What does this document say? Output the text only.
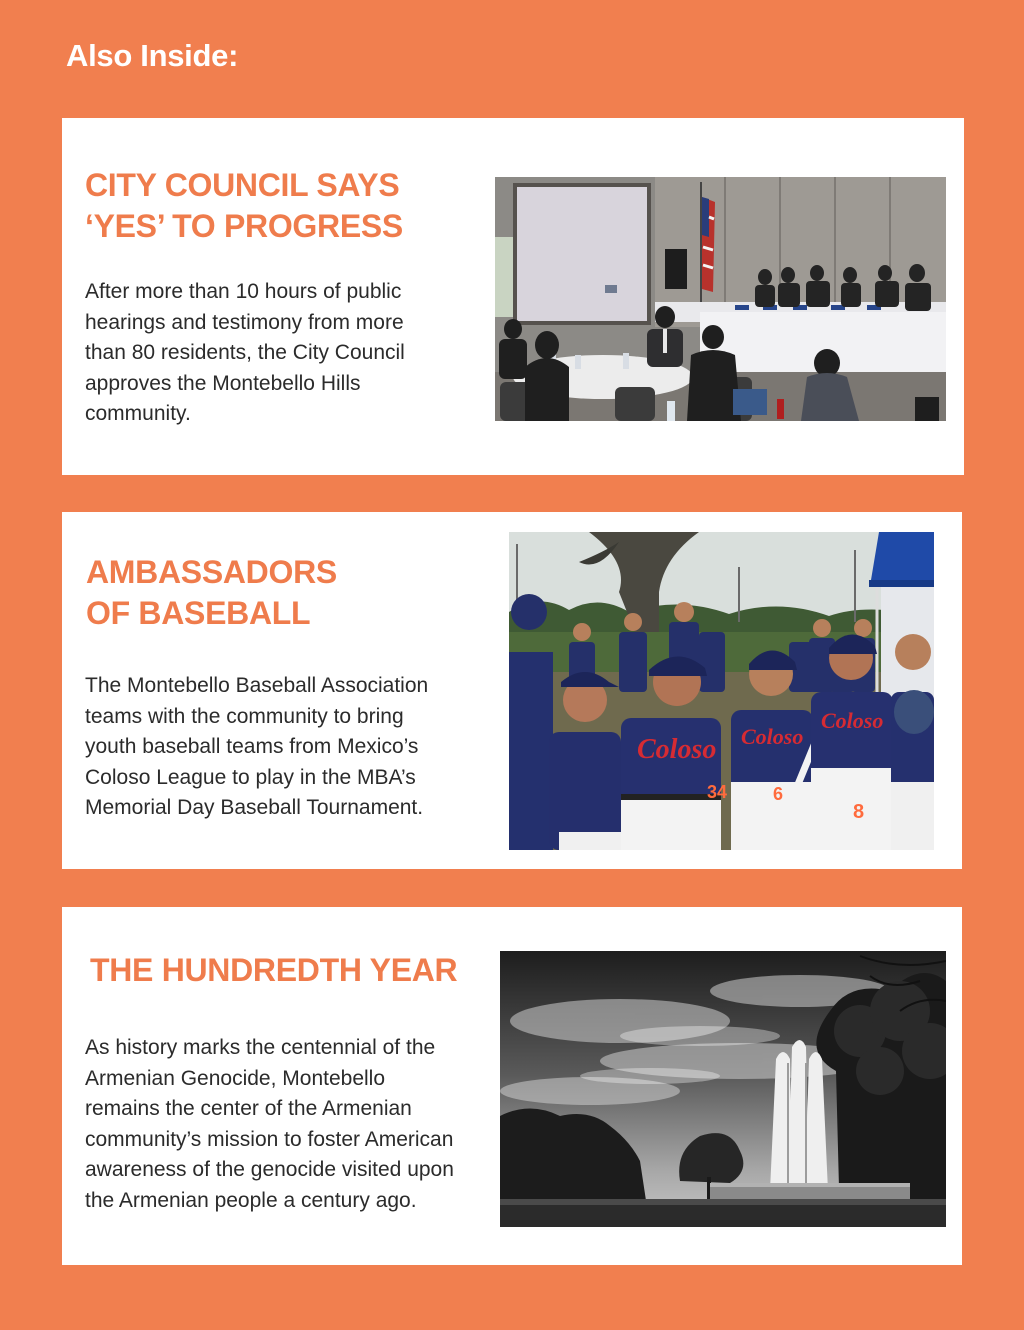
Also Inside:
CITY COUNCIL SAYS
‘YES’ TO PROGRESS

After more than 10 hours of public
hearings and testimony from more
than 80 residents, the City Council
approves the Montebello Hills
community.

AMBASSADORS
OF BASEBALL

The Montebello Baseball Association
teams with the community to bring
youth baseball teams from Mexico’s
Coloso League to play in the MBA’s
Memorial Day Baseball Tournament.

Coloso
34
Coloso
6
Coloso
8
THE HUNDREDTH YEAR

As history marks the centennial of the
Armenian Genocide, Montebello
remains the center of the Armenian
community’s mission to foster American
awareness of the genocide visited upon
the Armenian people a century ago.
